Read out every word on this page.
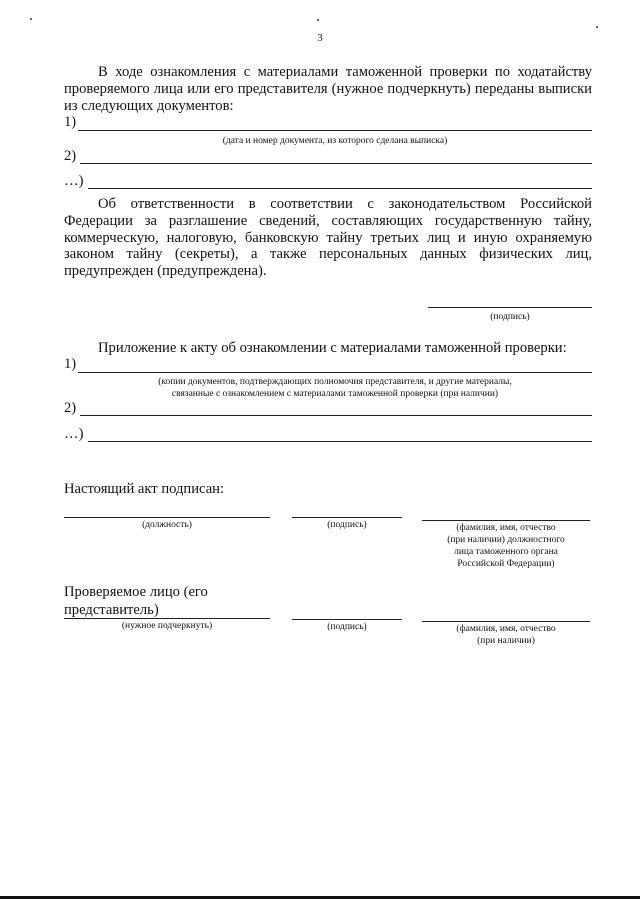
3

В ходе ознакомления с материалами таможенной проверки по ходатайству проверяемого лица или его представителя (нужное подчеркнуть) переданы выписки из следующих документов:

1)
(дата и номер документа, из которого сделана выписка)
2)
…)

Об ответственности в соответствии с законодательством Российской Федерации за разглашение сведений, составляющих государственную тайну, коммерческую, налоговую, банковскую тайну третьих лиц и иную охраняемую законом тайну (секреты), а также персональных данных физических лиц, предупрежден (предупреждена).

(подпись)
Приложение к акту об ознакомлении с материалами таможенной проверки:
1)
(копии документов, подтверждающих полномочия представителя, и другие материалы,
связанные с ознакомлением с материалами таможенной проверки (при наличии)
2)
…)
Настоящий акт подписан:
(должность)	(подпись)	(фамилия, имя, отчество
(при наличии) должностного
лица таможенного органа
Российской Федерации)
Проверяемое лицо (его
представитель)
(нужное подчеркнуть)	(подпись)	(фамилия, имя, отчество
(при наличии)
